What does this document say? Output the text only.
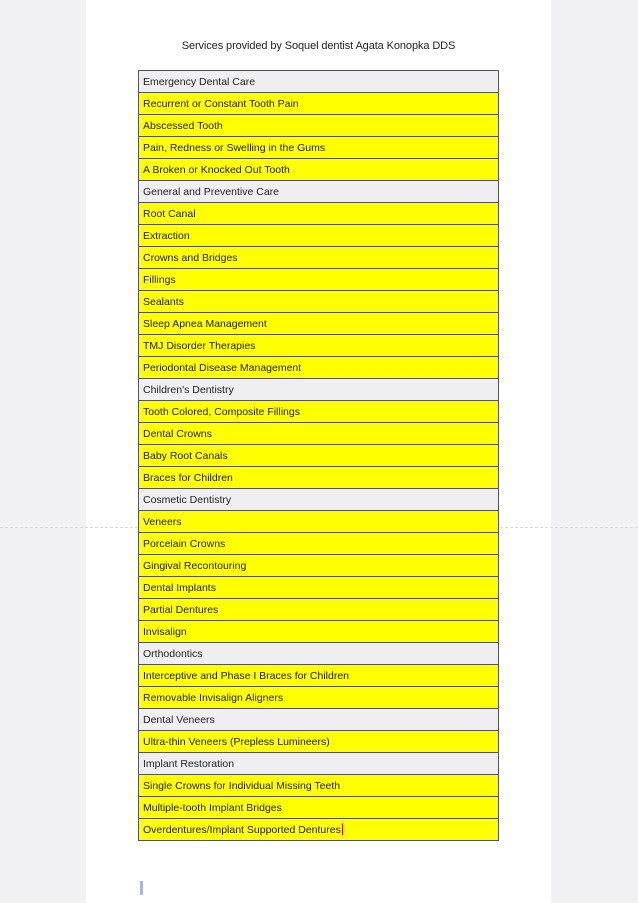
Services provided by Soquel dentist Agata Konopka DDS
Emergency Dental Care
Recurrent or Constant Tooth Pain
Abscessed Tooth
Pain, Redness or Swelling in the Gums
A Broken or Knocked Out Tooth
General and Preventive Care
Root Canal
Extraction
Crowns and Bridges
Fillings
Sealants
Sleep Apnea Management
TMJ Disorder Therapies
Periodontal Disease Management
Children's Dentistry
Tooth Colored, Composite Fillings
Dental Crowns
Baby Root Canals
Braces for Children
Cosmetic Dentistry
Veneers
Porcelain Crowns
Gingival Recontouring
Dental Implants
Partial Dentures
Invisalign
Orthodontics
Interceptive and Phase I Braces for Children
Removable Invisalign Aligners
Dental Veneers
Ultra-thin Veneers (Prepless Lumineers)
Implant Restoration
Single Crowns for Individual Missing Teeth
Multiple-tooth Implant Bridges
Overdentures/Implant Supported Dentures
